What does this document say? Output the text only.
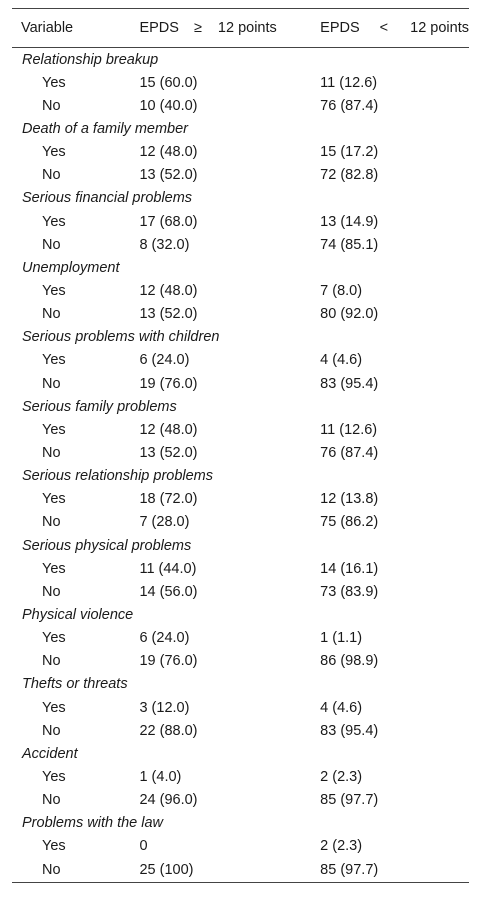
Variable	EPDS ≥ 12 points	EPDS < 12 points
Relationship breakup		
Yes	15 (60.0)	11 (12.6)
No	10 (40.0)	76 (87.4)
Death of a family member		
Yes	12 (48.0)	15 (17.2)
No	13 (52.0)	72 (82.8)
Serious financial problems		
Yes	17 (68.0)	13 (14.9)
No	8 (32.0)	74 (85.1)
Unemployment		
Yes	12 (48.0)	7 (8.0)
No	13 (52.0)	80 (92.0)
Serious problems with children		
Yes	6 (24.0)	4 (4.6)
No	19 (76.0)	83 (95.4)
Serious family problems		
Yes	12 (48.0)	11 (12.6)
No	13 (52.0)	76 (87.4)
Serious relationship problems		
Yes	18 (72.0)	12 (13.8)
No	7 (28.0)	75 (86.2)
Serious physical problems		
Yes	11 (44.0)	14 (16.1)
No	14 (56.0)	73 (83.9)
Physical violence		
Yes	6 (24.0)	1 (1.1)
No	19 (76.0)	86 (98.9)
Thefts or threats		
Yes	3 (12.0)	4 (4.6)
No	22 (88.0)	83 (95.4)
Accident		
Yes	1 (4.0)	2 (2.3)
No	24 (96.0)	85 (97.7)
Problems with the law		
Yes	0	2 (2.3)
No	25 (100)	85 (97.7)
